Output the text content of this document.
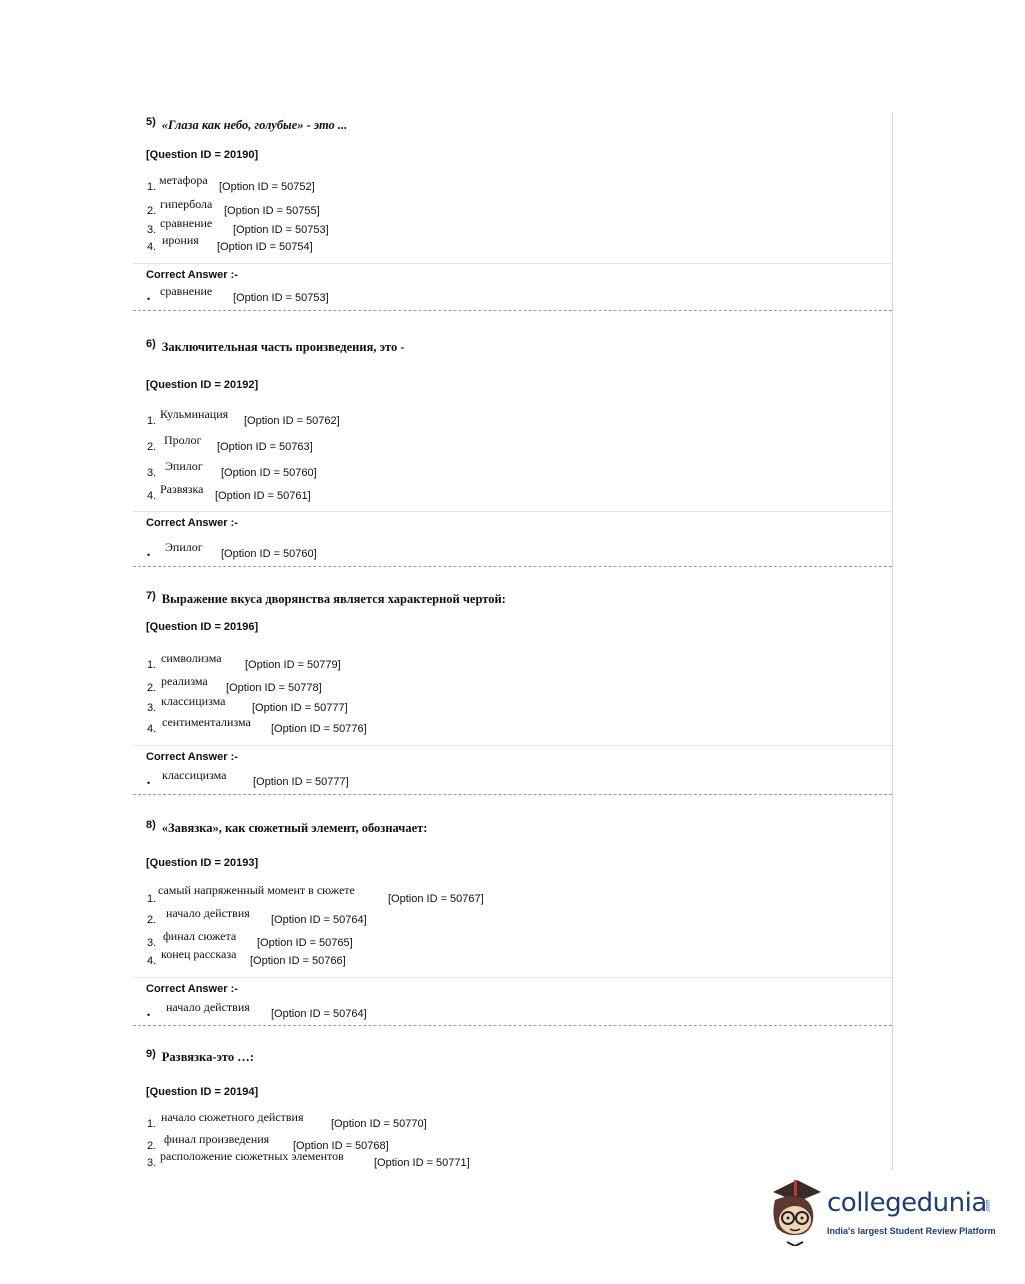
5) «Глаза как небо, голубые» - это ...
[Question ID = 20190]
1. метафора [Option ID = 50752]
2. гипербола [Option ID = 50755]
3. сравнение [Option ID = 50753]
4. ирония [Option ID = 50754]
Correct Answer :-
•
сравнение [Option ID = 50753]
6) Заключительная часть произведения, это -
[Question ID = 20192]
1. Кульминация [Option ID = 50762]
2. Пролог [Option ID = 50763]
3. Эпилог [Option ID = 50760]
4. Развязка [Option ID = 50761]
Correct Answer :-
•
Эпилог [Option ID = 50760]
7) Выражение вкуса дворянства является характерной чертой:
[Question ID = 20196]
1. символизма [Option ID = 50779]
2. реализма [Option ID = 50778]
3. классицизма [Option ID = 50777]
4. сентиментализма [Option ID = 50776]
Correct Answer :-
•
классицизма [Option ID = 50777]
8) «Завязка», как сюжетный элемент, обозначает:
[Question ID = 20193]
1.
самый напряженный момент в сюжете
[Option ID = 50767]
2. начало действия [Option ID = 50764]
3. финал сюжета [Option ID = 50765]
4. конец рассказа [Option ID = 50766]
Correct Answer :-
•
начало действия [Option ID = 50764]
9) Развязка-это …:
[Question ID = 20194]
1. начало сюжетного действия	[Option ID = 50770]
2. финал произведения [Option ID = 50768]
3. расположение сюжетных элементов	[Option ID = 50771]
collegedunia
.com
India's largest Student Review Platform
